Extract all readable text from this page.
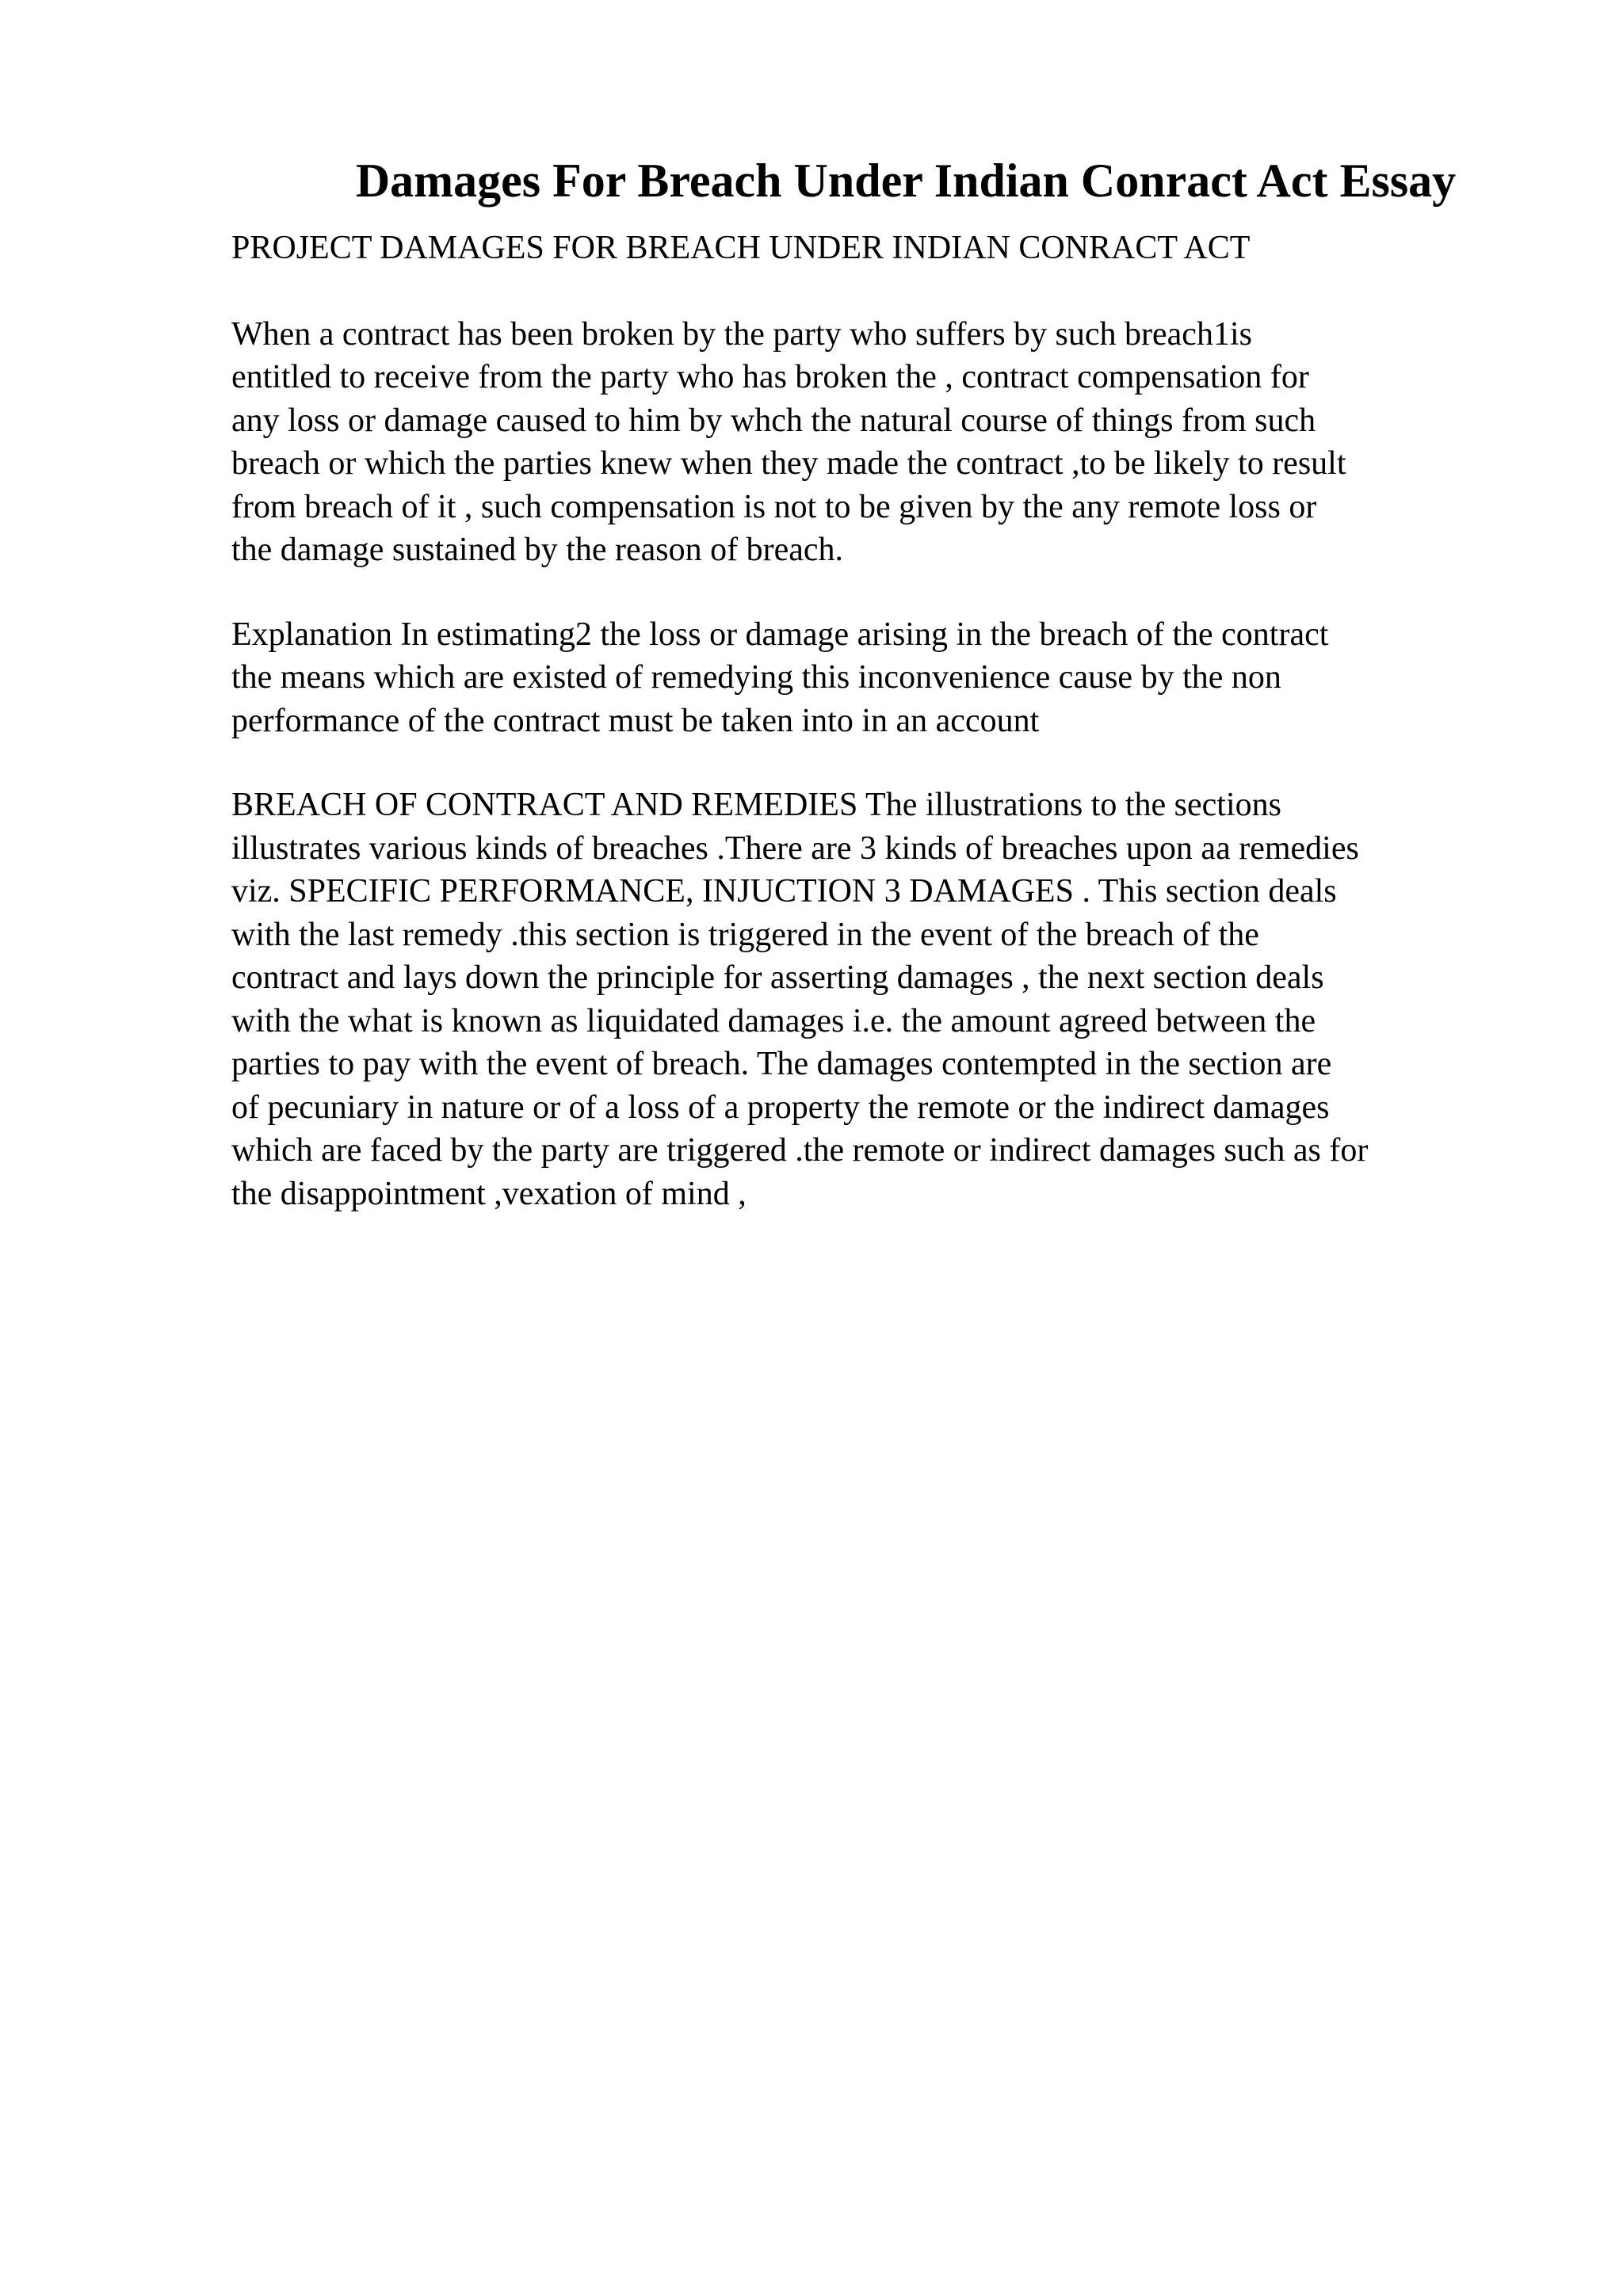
Damages For Breach Under Indian Conract Act Essay
PROJECT DAMAGES FOR BREACH UNDER INDIAN CONRACT ACT
When a contract has been broken by the party who suffers by such breach1is
entitled to receive from the party who has broken the , contract compensation for
any loss or damage caused to him by whch the natural course of things from such
breach or which the parties knew when they made the contract ,to be likely to result
from breach of it , such compensation is not to be given by the any remote loss or
the damage sustained by the reason of breach.
Explanation In estimating2 the loss or damage arising in the breach of the contract
the means which are existed of remedying this inconvenience cause by the non
performance of the contract must be taken into in an account
BREACH OF CONTRACT AND REMEDIES The illustrations to the sections
illustrates various kinds of breaches .There are 3 kinds of breaches upon aa remedies
viz. SPECIFIC PERFORMANCE, INJUCTION 3 DAMAGES . This section deals
with the last remedy .this section is triggered in the event of the breach of the
contract and lays down the principle for asserting damages , the next section deals
with the what is known as liquidated damages i.e. the amount agreed between the
parties to pay with the event of breach. The damages contempted in the section are
of pecuniary in nature or of a loss of a property the remote or the indirect damages
which are faced by the party are triggered .the remote or indirect damages such as for
the disappointment ,vexation of mind ,
